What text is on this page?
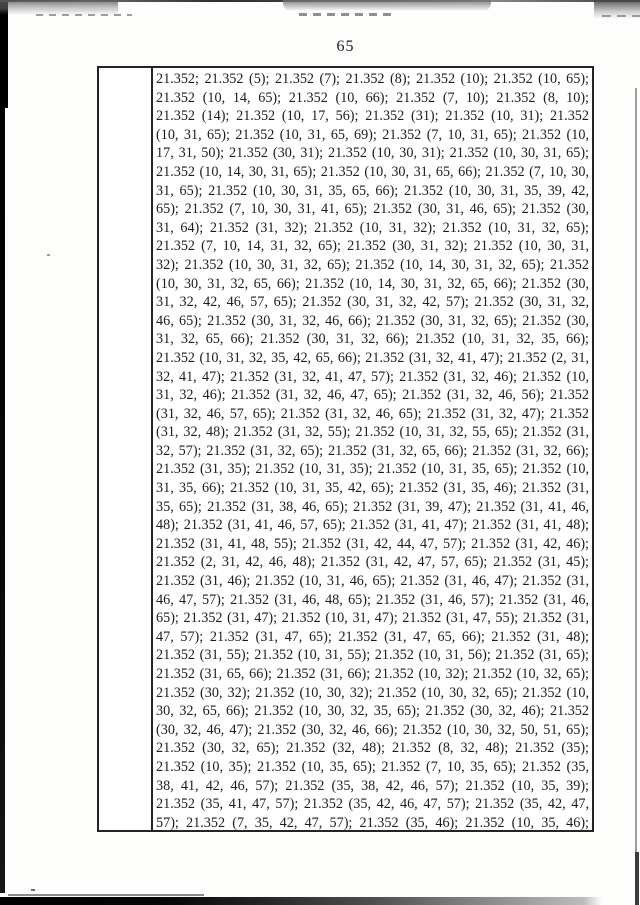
65
21.352; 21.352 (5); 21.352 (7); 21.352 (8); 21.352 (10); 21.352 (10, 65);
21.352 (10, 14, 65); 21.352 (10, 66); 21.352 (7, 10); 21.352 (8, 10);
21.352 (14); 21.352 (10, 17, 56); 21.352 (31); 21.352 (10, 31); 21.352
(10, 31, 65); 21.352 (10, 31, 65, 69); 21.352 (7, 10, 31, 65); 21.352 (10,
17, 31, 50); 21.352 (30, 31); 21.352 (10, 30, 31); 21.352 (10, 30, 31, 65);
21.352 (10, 14, 30, 31, 65); 21.352 (10, 30, 31, 65, 66); 21.352 (7, 10, 30,
31, 65); 21.352 (10, 30, 31, 35, 65, 66); 21.352 (10, 30, 31, 35, 39, 42,
65); 21.352 (7, 10, 30, 31, 41, 65); 21.352 (30, 31, 46, 65); 21.352 (30,
31, 64); 21.352 (31, 32); 21.352 (10, 31, 32); 21.352 (10, 31, 32, 65);
21.352 (7, 10, 14, 31, 32, 65); 21.352 (30, 31, 32); 21.352 (10, 30, 31,
32); 21.352 (10, 30, 31, 32, 65); 21.352 (10, 14, 30, 31, 32, 65); 21.352
(10, 30, 31, 32, 65, 66); 21.352 (10, 14, 30, 31, 32, 65, 66); 21.352 (30,
31, 32, 42, 46, 57, 65); 21.352 (30, 31, 32, 42, 57); 21.352 (30, 31, 32,
46, 65); 21.352 (30, 31, 32, 46, 66); 21.352 (30, 31, 32, 65); 21.352 (30,
31, 32, 65, 66); 21.352 (30, 31, 32, 66); 21.352 (10, 31, 32, 35, 66);
21.352 (10, 31, 32, 35, 42, 65, 66); 21.352 (31, 32, 41, 47); 21.352 (2, 31,
32, 41, 47); 21.352 (31, 32, 41, 47, 57); 21.352 (31, 32, 46); 21.352 (10,
31, 32, 46); 21.352 (31, 32, 46, 47, 65); 21.352 (31, 32, 46, 56); 21.352
(31, 32, 46, 57, 65); 21.352 (31, 32, 46, 65); 21.352 (31, 32, 47); 21.352
(31, 32, 48); 21.352 (31, 32, 55); 21.352 (10, 31, 32, 55, 65); 21.352 (31,
32, 57); 21.352 (31, 32, 65); 21.352 (31, 32, 65, 66); 21.352 (31, 32, 66);
21.352 (31, 35); 21.352 (10, 31, 35); 21.352 (10, 31, 35, 65); 21.352 (10,
31, 35, 66); 21.352 (10, 31, 35, 42, 65); 21.352 (31, 35, 46); 21.352 (31,
35, 65); 21.352 (31, 38, 46, 65); 21.352 (31, 39, 47); 21.352 (31, 41, 46,
48); 21.352 (31, 41, 46, 57, 65); 21.352 (31, 41, 47); 21.352 (31, 41, 48);
21.352 (31, 41, 48, 55); 21.352 (31, 42, 44, 47, 57); 21.352 (31, 42, 46);
21.352 (2, 31, 42, 46, 48); 21.352 (31, 42, 47, 57, 65); 21.352 (31, 45);
21.352 (31, 46); 21.352 (10, 31, 46, 65); 21.352 (31, 46, 47); 21.352 (31,
46, 47, 57); 21.352 (31, 46, 48, 65); 21.352 (31, 46, 57); 21.352 (31, 46,
65); 21.352 (31, 47); 21.352 (10, 31, 47); 21.352 (31, 47, 55); 21.352 (31,
47, 57); 21.352 (31, 47, 65); 21.352 (31, 47, 65, 66); 21.352 (31, 48);
21.352 (31, 55); 21.352 (10, 31, 55); 21.352 (10, 31, 56); 21.352 (31, 65);
21.352 (31, 65, 66); 21.352 (31, 66); 21.352 (10, 32); 21.352 (10, 32, 65);
21.352 (30, 32); 21.352 (10, 30, 32); 21.352 (10, 30, 32, 65); 21.352 (10,
30, 32, 65, 66); 21.352 (10, 30, 32, 35, 65); 21.352 (30, 32, 46); 21.352
(30, 32, 46, 47); 21.352 (30, 32, 46, 66); 21.352 (10, 30, 32, 50, 51, 65);
21.352 (30, 32, 65); 21.352 (32, 48); 21.352 (8, 32, 48); 21.352 (35);
21.352 (10, 35); 21.352 (10, 35, 65); 21.352 (7, 10, 35, 65); 21.352 (35,
38, 41, 42, 46, 57); 21.352 (35, 38, 42, 46, 57); 21.352 (10, 35, 39);
21.352 (35, 41, 47, 57); 21.352 (35, 42, 46, 47, 57); 21.352 (35, 42, 47,
57); 21.352 (7, 35, 42, 47, 57); 21.352 (35, 46); 21.352 (10, 35, 46);
